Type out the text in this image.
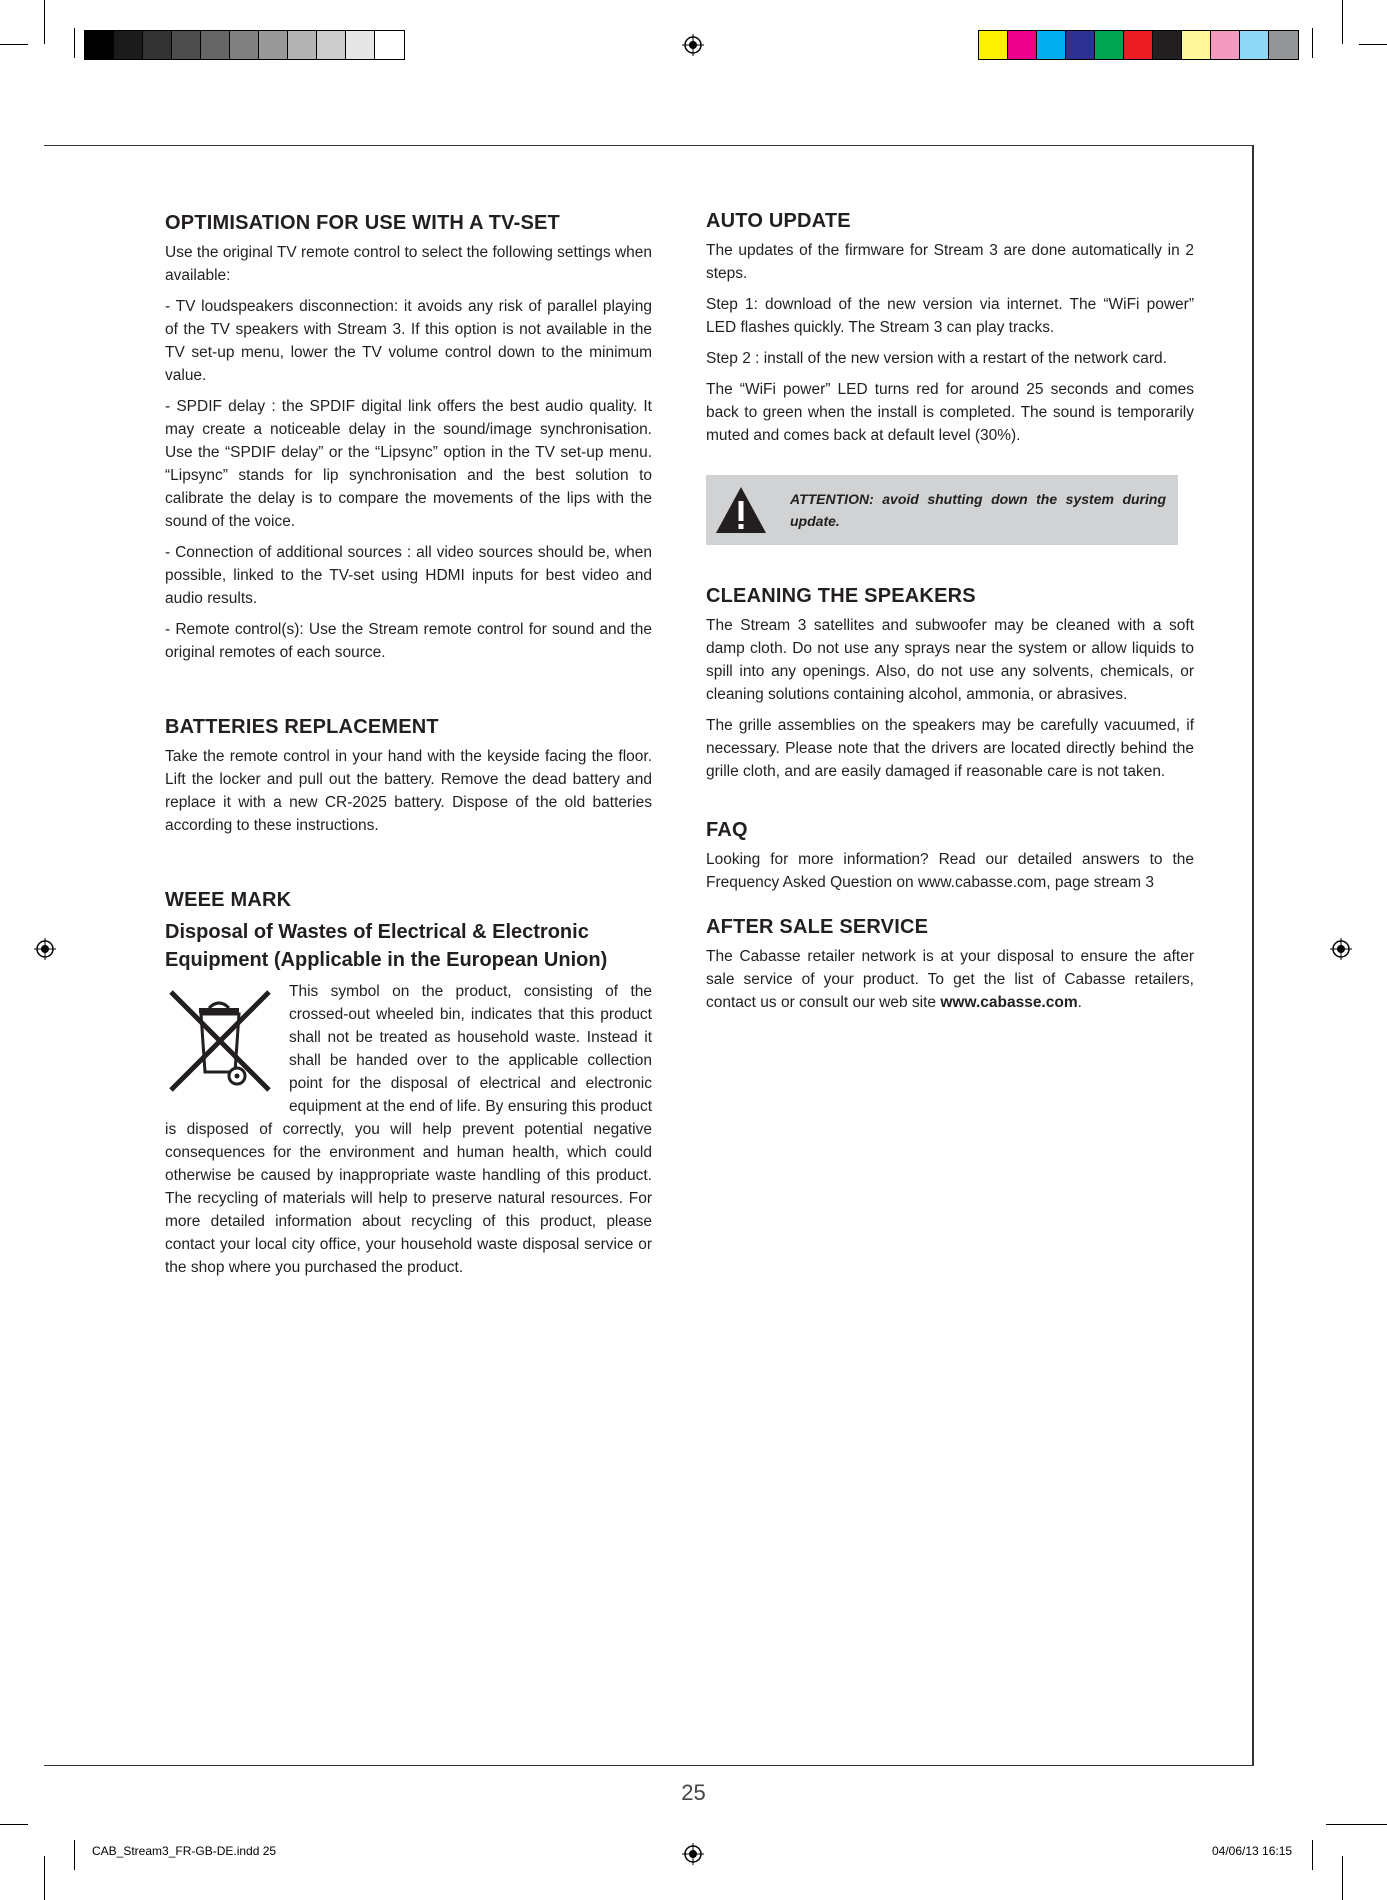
OPTIMISATION FOR USE WITH A TV-SET

Use the original TV remote control to select the following settings when available:

- TV loudspeakers disconnection: it avoids any risk of parallel playing of the TV speakers with Stream 3. If this option is not available in the TV set-up menu, lower the TV volume control down to the minimum value.

- SPDIF delay : the SPDIF digital link offers the best audio quality. It may create a noticeable delay in the sound/image synchronisation. Use the “SPDIF delay” or the “Lipsync” option in the TV set-up menu. “Lipsync” stands for lip synchronisation and the best solution to calibrate the delay is to compare the movements of the lips with the sound of the voice.

- Connection of additional sources : all video sources should be, when possible, linked to the TV-set using HDMI inputs for best video and audio results.

- Remote control(s): Use the Stream remote control for sound and the original remotes of each source.

BATTERIES REPLACEMENT

Take the remote control in your hand with the keyside facing the floor. Lift the locker and pull out the battery. Remove the dead battery and replace it with a new CR-2025 battery. Dispose of the old batteries according to these instructions.

WEEE MARK
Disposal of Wastes of Electrical & Electronic Equipment (Applicable in the European Union)

This symbol on the product, consisting of the crossed-out wheeled bin, indicates that this product shall not be treated as household waste. Instead it shall be handed over to the applicable collection point for the disposal of electrical and electronic equipment at the end of life. By ensuring this product is disposed of correctly, you will help prevent potential negative consequences for the environment and human health, which could otherwise be caused by inappropriate waste handling of this product. The recycling of materials will help to preserve natural resources. For more detailed information about recycling of this product, please contact your local city office, your household waste disposal service or the shop where you purchased the product.

AUTO UPDATE

The updates of the firmware for Stream 3 are done automatically in 2 steps.

Step 1: download of the new version via internet. The “WiFi power” LED flashes quickly. The Stream 3 can play tracks.

Step 2 : install of the new version with a restart of the network card.

The “WiFi power” LED turns red for around 25 seconds and comes back to green when the install is completed. The sound is temporarily muted and comes back at default level (30%).

ATTENTION: avoid shutting down the system during update.
CLEANING THE SPEAKERS

The Stream 3 satellites and subwoofer may be cleaned with a soft damp cloth. Do not use any sprays near the system or allow liquids to spill into any openings. Also, do not use any solvents, chemicals, or cleaning solutions containing alcohol, ammonia, or abrasives.

The grille assemblies on the speakers may be carefully vacuumed, if necessary. Please note that the drivers are located directly behind the grille cloth, and are easily damaged if reasonable care is not taken.

FAQ

Looking for more information? Read our detailed answers to the Frequency Asked Question on www.cabasse.com, page stream 3

AFTER SALE SERVICE

The Cabasse retailer network is at your disposal to ensure the after sale service of your product. To get the list of Cabasse retailers, contact us or consult our web site www.cabasse.com.

25
CAB_Stream3_FR-GB-DE.indd 25	04/06/13 16:15
